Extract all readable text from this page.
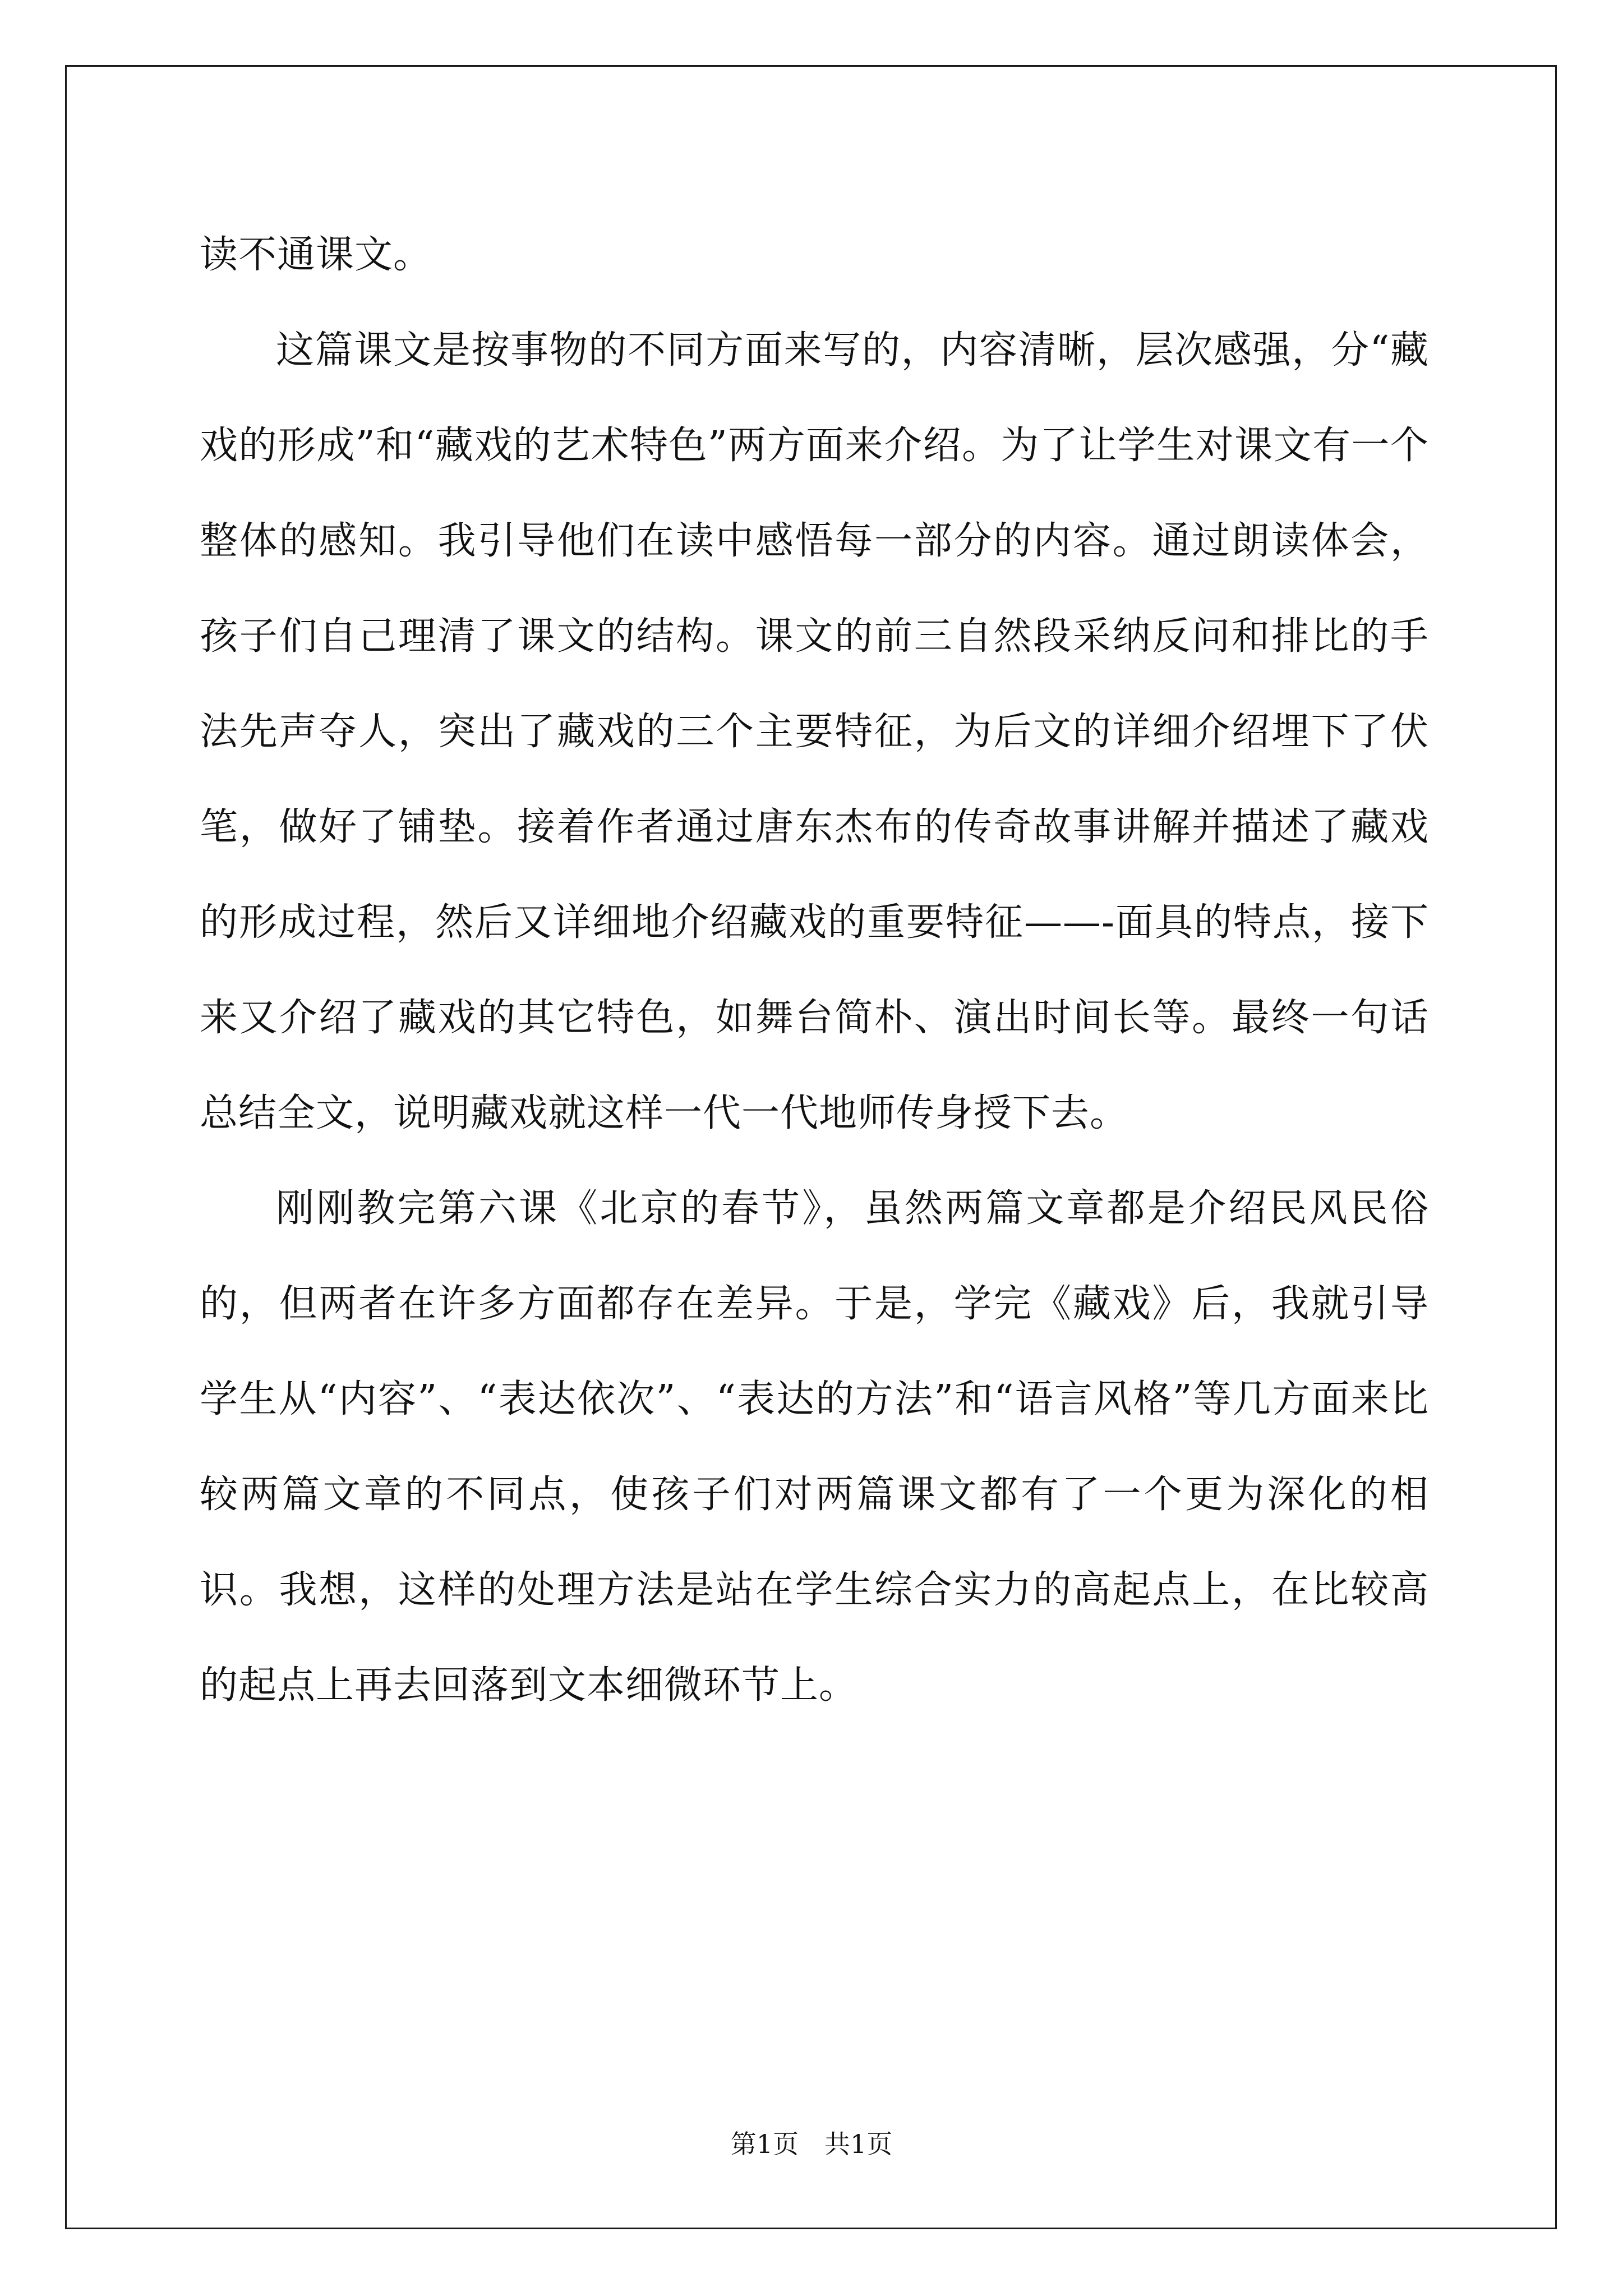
读不通课文。

这篇课文是按事物的不同方面来写的，内容清晰，层次感强，分“藏戏的形成”和“藏戏的艺术特色”两方面来介绍。为了让学生对课文有一个整体的感知。我引导他们在读中感悟每一部分的内容。通过朗读体会，孩子们自己理清了课文的结构。课文的前三自然段采纳反问和排比的手法先声夺人，突出了藏戏的三个主要特征，为后文的详细介绍埋下了伏笔，做好了铺垫。接着作者通过唐东杰布的传奇故事讲解并描述了藏戏的形成过程，然后又详细地介绍藏戏的重要特征——-面具的特点，接下来又介绍了藏戏的其它特色，如舞台简朴、演出时间长等。最终一句话总结全文，说明藏戏就这样一代一代地师传身授下去。

刚刚教完第六课《北京的春节》，虽然两篇文章都是介绍民风民俗的，但两者在许多方面都存在差异。于是，学完《藏戏》后，我就引导学生从“内容”、“表达依次”、“表达的方法”和“语言风格”等几方面来比较两篇文章的不同点，使孩子们对两篇课文都有了一个更为深化的相识。我想，这样的处理方法是站在学生综合实力的高起点上，在比较高的起点上再去回落到文本细微环节上。

第1页　共1页
